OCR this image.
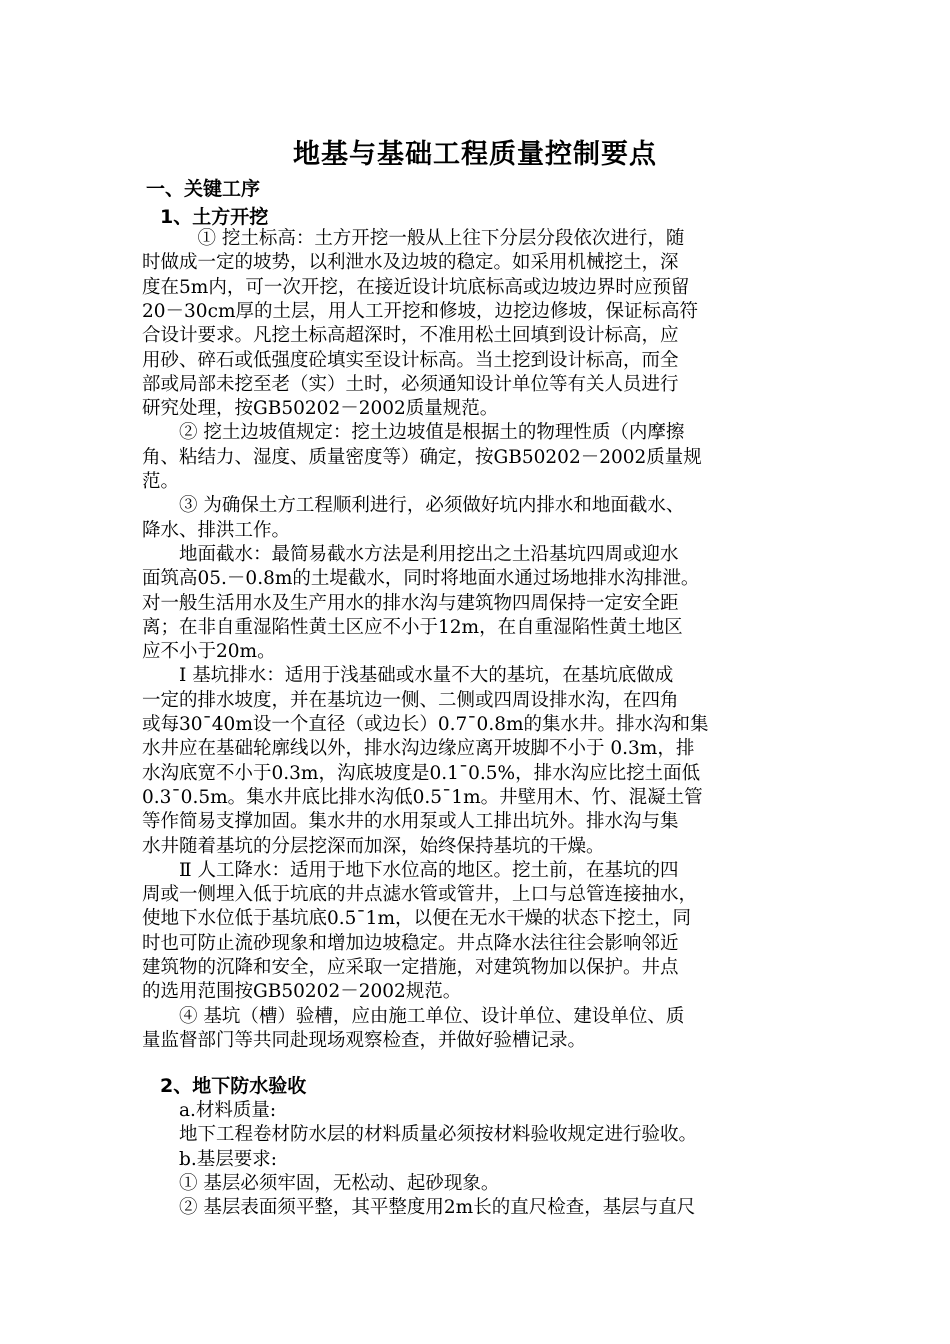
地基与基础工程质量控制要点
一、关键工序
1、土方开挖
　　　① 挖土标高：土方开挖一般从上往下分层分段依次进行，随
时做成一定的坡势，以利泄水及边坡的稳定。如采用机械挖土，深
度在5m内，可一次开挖，在接近设计坑底标高或边坡边界时应预留
20－30cm厚的土层，用人工开挖和修坡，边挖边修坡，保证标高符
合设计要求。凡挖土标高超深时，不准用松土回填到设计标高，应
用砂、碎石或低强度砼填实至设计标高。当土挖到设计标高，而全
部或局部未挖至老（实）土时，必须通知设计单位等有关人员进行
研究处理，按GB50202－2002质量规范。
　　② 挖土边坡值规定：挖土边坡值是根据土的物理性质（内摩擦
角、粘结力、湿度、质量密度等）确定，按GB50202－2002质量规
范。
　　③ 为确保土方工程顺利进行，必须做好坑内排水和地面截水、
降水、排洪工作。
　　地面截水：最简易截水方法是利用挖出之土沿基坑四周或迎水
面筑高05.－0.8m的土堤截水，同时将地面水通过场地排水沟排泄。
对一般生活用水及生产用水的排水沟与建筑物四周保持一定安全距
离；在非自重湿陷性黄土区应不小于12m，在自重湿陷性黄土地区
应不小于20m。
　　Ⅰ 基坑排水：适用于浅基础或水量不大的基坑，在基坑底做成
一定的排水坡度，并在基坑边一侧、二侧或四周设排水沟，在四角
或每30¯40m设一个直径（或边长）0.7¯0.8m的集水井。排水沟和集
水井应在基础轮廓线以外，排水沟边缘应离开坡脚不小于 0.3m，排
水沟底宽不小于0.3m，沟底坡度是0.1¯0.5%，排水沟应比挖土面低
0.3¯0.5m。集水井底比排水沟低0.5¯1m。井壁用木、竹、混凝土管
等作简易支撑加固。集水井的水用泵或人工排出坑外。排水沟与集
水井随着基坑的分层挖深而加深，始终保持基坑的干燥。
　　Ⅱ 人工降水：适用于地下水位高的地区。挖土前，在基坑的四
周或一侧埋入低于坑底的井点滤水管或管井，上口与总管连接抽水，
使地下水位低于基坑底0.5¯1m，以便在无水干燥的状态下挖土，同
时也可防止流砂现象和增加边坡稳定。井点降水法往往会影响邻近
建筑物的沉降和安全，应采取一定措施，对建筑物加以保护。井点
的选用范围按GB50202－2002规范。
　　④ 基坑（槽）验槽，应由施工单位、设计单位、建设单位、质
量监督部门等共同赴现场观察检查，并做好验槽记录。
2、地下防水验收
　　a.材料质量:
　　地下工程卷材防水层的材料质量必须按材料验收规定进行验收。
　　b.基层要求:
　　① 基层必须牢固，无松动、起砂现象。
　　② 基层表面须平整，其平整度用2m长的直尺检查，基层与直尺
